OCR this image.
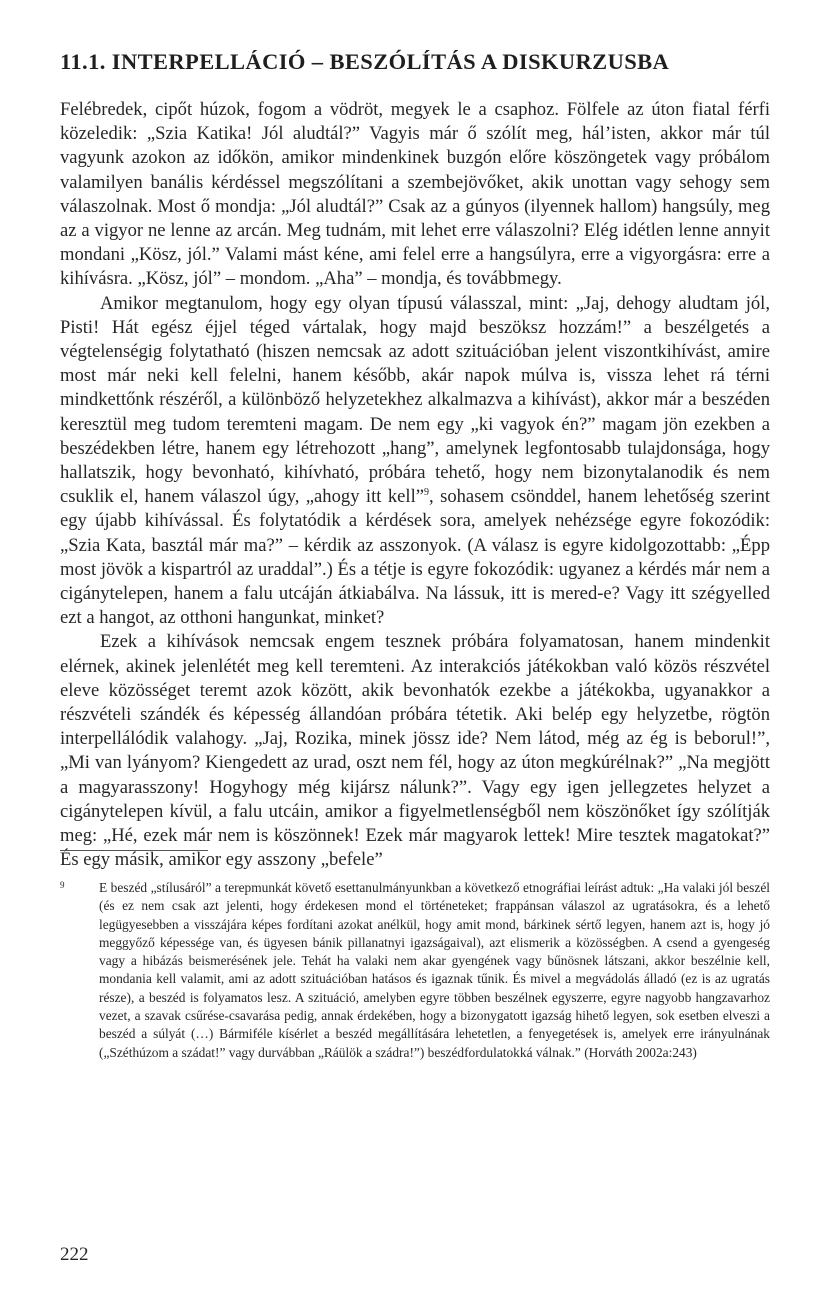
11.1. INTERPELLÁCIÓ – BESZÓLÍTÁS A DISKURZUSBA

Felébredek, cipőt húzok, fogom a vödröt, megyek le a csaphoz. Fölfele az úton fiatal férfi közeledik: „Szia Katika! Jól aludtál?” Vagyis már ő szólít meg, hál’isten, akkor már túl vagyunk azokon az időkön, amikor mindenkinek buzgón előre köszöngetek vagy próbálom valamilyen banális kérdéssel megszólítani a szembejövőket, akik unottan vagy sehogy sem válaszolnak. Most ő mondja: „Jól aludtál?” Csak az a gúnyos (ilyennek hallom) hangsúly, meg az a vigyor ne lenne az arcán. Meg tudnám, mit lehet erre válaszolni? Elég idétlen lenne annyit mondani „Kösz, jól.” Valami mást kéne, ami felel erre a hangsúlyra, erre a vigyorgásra: erre a kihívásra. „Kösz, jól” – mondom. „Aha” – mondja, és továbbmegy.

Amikor megtanulom, hogy egy olyan típusú válasszal, mint: „Jaj, dehogy aludtam jól, Pisti! Hát egész éjjel téged vártalak, hogy majd beszöksz hozzám!” a beszélgetés a végtelenségig folytatható (hiszen nemcsak az adott szituációban jelent viszontkihívást, amire most már neki kell felelni, hanem később, akár napok múlva is, vissza lehet rá térni mindkettőnk részéről, a különböző helyzetekhez alkalmazva a kihívást), akkor már a beszéden keresztül meg tudom teremteni magam. De nem egy „ki vagyok én?” magam jön ezekben a beszédekben létre, hanem egy létrehozott „hang”, amelynek legfontosabb tulajdonsága, hogy hallatszik, hogy bevonható, kihívható, próbára tehető, hogy nem bizonytalanodik és nem csuklik el, hanem válaszol úgy, „ahogy itt kell”$^9$, sohasem csönddel, hanem lehetőség szerint egy újabb kihívással. És folytatódik a kérdések sora, amelyek nehézsége egyre fokozódik: „Szia Kata, basztál már ma?” – kérdik az asszonyok. (A válasz is egyre kidolgozottabb: „Épp most jövök a kispartról az uraddal”.) És a tétje is egyre fokozódik: ugyanez a kérdés már nem a cigánytelepen, hanem a falu utcáján átkiabálva. Na lássuk, itt is mered-e? Vagy itt szégyelled ezt a hangot, az otthoni hangunkat, minket?

Ezek a kihívások nemcsak engem tesznek próbára folyamatosan, hanem mindenkit elérnek, akinek jelenlétét meg kell teremteni. Az interakciós játékokban való közös részvétel eleve közösséget teremt azok között, akik bevonhatók ezekbe a játékokba, ugyanakkor a részvételi szándék és képesség állandóan próbára tétetik. Aki belép egy helyzetbe, rögtön interpellálódik valahogy. „Jaj, Rozika, minek jössz ide? Nem látod, még az ég is beborul!”, „Mi van lyányom? Kiengedett az urad, oszt nem fél, hogy az úton megkúrélnak?” „Na megjött a magyarasszony! Hogyhogy még kijársz nálunk?”. Vagy egy igen jellegzetes helyzet a cigánytelepen kívül, a falu utcáin, amikor a figyelmetlenségből nem köszönőket így szólítják meg: „Hé, ezek már nem is köszönnek! Ezek már magyarok lettek! Mire tesztek magatokat?” És egy másik, amikor egy asszony „befele”

9	E beszéd „stílusáról” a terepmunkát követő esettanulmányunkban a következő etnográfiai leírást adtuk: „Ha valaki jól beszél (és ez nem csak azt jelenti, hogy érdekesen mond el történeteket; frappánsan válaszol az ugratásokra, és a lehető legügyesebben a visszájára képes fordítani azokat anélkül, hogy amit mond, bárkinek sértő legyen, hanem azt is, hogy jó meggyőző képessége van, és ügyesen bánik pillanatnyi igazságaival), azt elismerik a közösségben. A csend a gyengeség vagy a hibázás beismerésének jele. Tehát ha valaki nem akar gyengének vagy bűnösnek látszani, akkor beszélnie kell, mondania kell valamit, ami az adott szituációban hatásos és igaznak tűnik. És mivel a megvádolás álladó (ez is az ugratás része), a beszéd is folyamatos lesz. A szituáció, amelyben egyre többen beszélnek egyszerre, egyre nagyobb hangzavarhoz vezet, a szavak csűrése-csavarása pedig, annak érdekében, hogy a bizonygatott igazság hihető legyen, sok esetben elveszi a beszéd a súlyát (…) Bármiféle kísérlet a beszéd megállítására lehetetlen, a fenyegetések is, amelyek erre irányulnának („Széthúzom a szádat!” vagy durvábban „Ráülök a szádra!”) beszédfordulatokká válnak.” (Horváth 2002a:243)
222
